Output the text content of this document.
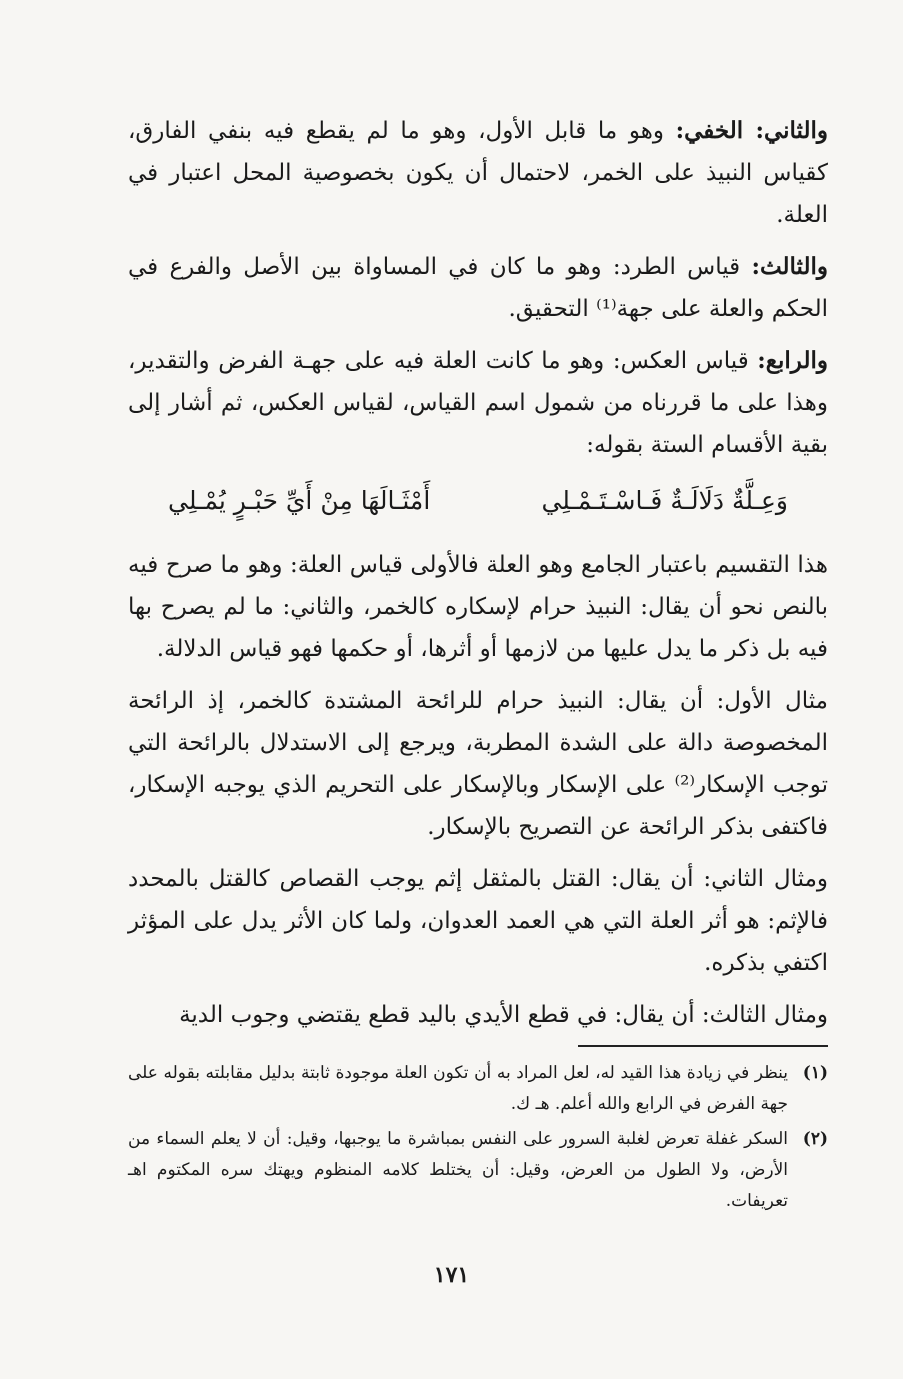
والثاني: الخفي: وهو ما قابل الأول، وهو ما لم يقطع فيه بنفي الفارق، كقياس النبيذ على الخمر، لاحتمال أن يكون بخصوصية المحل اعتبار في العلة.

والثالث: قياس الطرد: وهو ما كان في المساواة بين الأصل والفرع في الحكم والعلة على جهة⁽¹⁾ التحقيق.

والرابع: قياس العكس: وهو ما كانت العلة فيه على جهـة الفرض والتقدير، وهذا على ما قررناه من شمول اسم القياس، لقياس العكس، ثم أشار إلى بقية الأقسام الستة بقوله:

وَعِـلَّةٌ دَلَالَـةٌ فَـاسْـتَـمْـلِي
أَمْثَـالَهَا مِنْ أَيِّ حَبْـرٍ يُمْـلِي

هذا التقسيم باعتبار الجامع وهو العلة فالأولى قياس العلة: وهو ما صرح فيه بالنص نحو أن يقال: النبيذ حرام لإسكاره كالخمر، والثاني: ما لم يصرح بها فيه بل ذكر ما يدل عليها من لازمها أو أثرها، أو حكمها فهو قياس الدلالة.

مثال الأول: أن يقال: النبيذ حرام للرائحة المشتدة كالخمر، إذ الرائحة المخصوصة دالة على الشدة المطربة، ويرجع إلى الاستدلال بالرائحة التي توجب الإسكار⁽²⁾ على الإسكار وبالإسكار على التحريم الذي يوجبه الإسكار، فاكتفى بذكر الرائحة عن التصريح بالإسكار.

ومثال الثاني: أن يقال: القتل بالمثقل إثم يوجب القصاص كالقتل بالمحدد فالإثم: هو أثر العلة التي هي العمد العدوان، ولما كان الأثر يدل على المؤثر اكتفي بذكره.

ومثال الثالث: أن يقال: في قطع الأيدي باليد قطع يقتضي وجوب الدية

(١)
ينظر في زيادة هذا القيد له، لعل المراد به أن تكون العلة موجودة ثابتة بدليل مقابلته بقوله على جهة الفرض في الرابع والله أعلم. هـ ك.
(٢)
السكر غفلة تعرض لغلبة السرور على النفس بمباشرة ما يوجبها، وقيل: أن لا يعلم السماء من الأرض، ولا الطول من العرض، وقيل: أن يختلط كلامه المنظوم ويهتك سره المكتوم اهـ تعريفات.
١٧١
